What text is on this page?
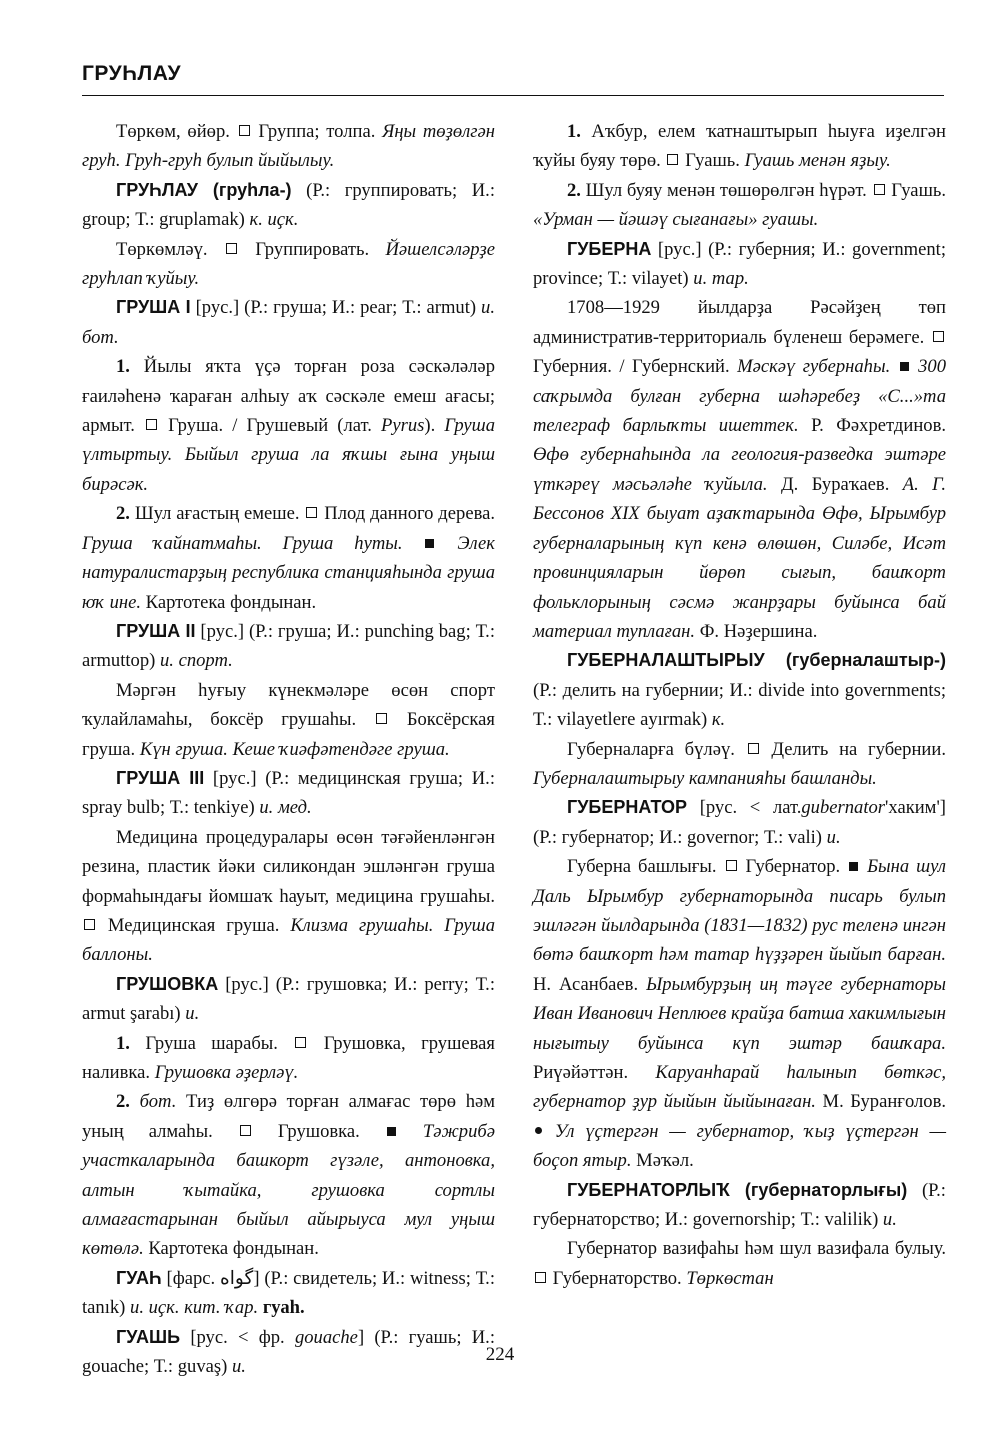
ГРУҺЛАУ

Төркөм, өйөр. Группа; толпа. Яңы төҙөлгән груһ. Груһ-груһ булып йыйылыу.

ГРУҺЛАУ (груһла-) (Р.: группировать; И.: group; Т.: gruplamak) к. иҫк.

Төркөмләү.	Группировать. Йәшелсәләрҙе груһлап ҡуйыу.

ГРУША I [рус.] (Р.: груша; И.: pear; Т.: armut) и. бот.

1. Йылы яҡта үҫә торған роза сәскәләләр ғаиләһенә ҡараған алһыу аҡ сәскәле емеш ағасы; армыт. Груша. / Грушевый (лат. Pyrus). Груша үлтыртыу. Быйыл груша ла яҡшы ғына уңыш бирәсәк.

2. Шул ағастың емеше. Плод данного дерева. Груша ҡайнатмаһы. Груша һуты.	Элек натуралистарҙың республика станцияһында груша юҡ ине. Картотека фондынан.

ГРУША II [рус.] (Р.: груша; И.: punching bag; Т.: armuttop) и. спорт.

Мәргән һуғыу күнекмәләре өсөн спорт ҡулайламаһы, боксёр грушаһы.	Боксёрская груша. Күн груша. Кеше ҡиәфәтендәге груша.

ГРУША III [рус.] (Р.: медицинская груша; И.: spray bulb; Т.: tenkiye) и. мед.

Медицина процедуралары өсөн тәғәйенләнгән резина, пластик йәки силикондан эшләнгән груша формаһындағы йомшаҡ һауыт, медицина грушаһы.  Медицинская груша. Клизма грушаһы. Груша баллоны.

ГРУШОВКА [рус.] (Р.: грушовка; И.: perry; Т.: armut şarabı) и.

1. Груша шарабы. Грушовка, грушевая наливка. Грушовка әҙерләү.

2. бот. Тиҙ өлгөрә торған алмағас төрө һәм уның алмаһы.	Грушовка.	Тәжрибә участкаларында башкорт гүзәле, антоновка, алтын ҡытайка, грушовка сортлы алмағастарынан быйыл айырыуса мул уңыш көтөлә. Картотека фондынан.

ГУАҺ [фарс. گواه] (Р.: свидетель; И.: witness; Т.: tanık) и. иҫк. кит. ҡар. гуаһ.

ГУАШЬ [рус. < фр. gouache] (Р.: гуашь; И.: gouache; Т.: guvaş) и.

1. Аҡбур, елем ҡатнаштырып һыуға иҙелгән ҡуйы буяу төрө. Гуашь. Гуашь менән яҙыу.

2. Шул буяу менән төшөрөлгән һүрәт. Гуашь. «Урман — йәшәү сығанағы» гуашы.

ГУБЕРНА [рус.] (Р.: губерния; И.: government; province; Т.: vilayet) и. тар.

1708—1929 йылдарҙа Рәсәйҙең төп административ-территориаль бүленеш берәмеге.  Губерния. / Губернский. Мәскәү губернаһы. 300 саҡрымда булған губерна шәһәребеҙ «С...»та телеграф барлыҡты ишеттек. Р. Фәхретдинов. Өфө губернаһында ла геология-разведка эштәре үткәреү мәсьәләһе ҡуйыла. Д. Бураҡаев. А. Г. Бессонов XIX быуат аҙаҡтарында Өфө, Ырымбур губерналарының күп кенә өлөшөн, Силәбе, Исәт провинцияларын йөрөп сығып, башҡорт фольклорының сәсмә жанрҙары буйынса бай материал туплаған. Ф. Нәҙершина.

ГУБЕРНАЛАШТЫРЫУ (губерналаштыр-) (Р.: делить на губернии; И.: divide into governments; Т.: vilayetlere ayırmak) к.

Губерналарға бүләү. Делить на губернии. Губерналаштырыу кампанияһы башланды.

ГУБЕРНАТОР [рус. < лат.gubernator'хаким'] (Р.: губернатор; И.: governor; Т.: vali) и.

Губерна башлығы. Губернатор. Бына шул Даль Ырымбур губернаторында писарь булып эшләгән йылдарында (1831—1832) рус теленә ингән бөтә башҡорт һәм татар һүҙҙәрен йыйып барған. Н. Асанбаев. Ырымбурҙың иң тәүге губернаторы Иван Иванович Неплюев крайҙа батша хакимлығын нығытыу буйынса күп эштәр башҡара. Риүәйәттән. Каруанһарай һалынып бөткәс, губернатор ҙур йыйын йыйынаған. М. Буранғолов.  Ул үҫтергән — губернатор, ҡыҙ үҫтергән — боҫоп ятыр. Мәҡәл.

ГУБЕРНАТОРЛЫҠ (губернаторлығы) (Р.: губернаторство; И.: governorship; Т.: valilik) и.

Губернатор вазифаһы һәм шул вазифала булыу.  Губернаторство. Төркөстан

224
